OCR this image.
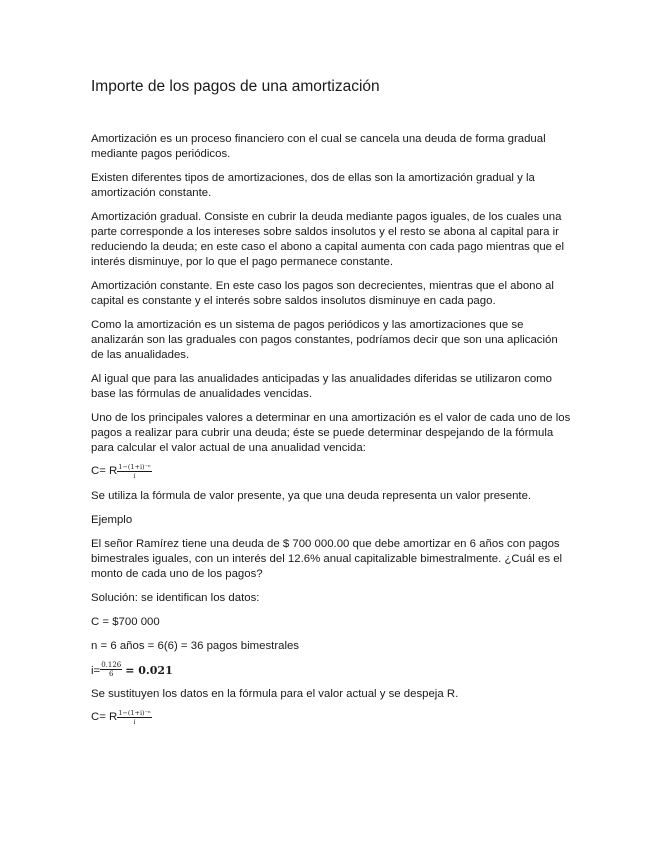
Importe de los pagos de una amortización

Amortización es un proceso financiero con el cual se cancela una deuda de forma gradual mediante pagos periódicos.

Existen diferentes tipos de amortizaciones, dos de ellas son la amortización gradual y la amortización constante.

Amortización gradual. Consiste en cubrir la deuda mediante pagos iguales, de los cuales una parte corresponde a los intereses sobre saldos insolutos y el resto se abona al capital para ir reduciendo la deuda; en este caso el abono a capital aumenta con cada pago mientras que el interés disminuye, por lo que el pago permanece constante.

Amortización constante. En este caso los pagos son decrecientes, mientras que el abono al capital es constante y el interés sobre saldos insolutos disminuye en cada pago.

Como la amortización es un sistema de pagos periódicos y las amortizaciones que se analizarán son las graduales con pagos constantes, podríamos decir que son una aplicación de las anualidades.

Al igual que para las anualidades anticipadas y las anualidades diferidas se utilizaron como base las fórmulas de anualidades vencidas.

Uno de los principales valores a determinar en una amortización es el valor de cada uno de los pagos a realizar para cubrir una deuda; éste se puede determinar despejando de la fórmula para calcular el valor actual de una anualidad vencida:

C= R $\frac{\text{1−(1+i)⁻ⁿ}}{i}$

Se utiliza la fórmula de valor presente, ya que una deuda representa un valor presente.

Ejemplo

El señor Ramírez tiene una deuda de $ 700 000.00 que debe amortizar en 6 años con pagos bimestrales iguales, con un interés del 12.6% anual capitalizable bimestralmente. ¿Cuál es el monto de cada uno de los pagos?

Solución: se identifican los datos:

C = $700 000

n = 6 años = 6(6) = 36 pagos bimestrales

$i= \frac{0.126}{6} = 0.021$

Se sustituyen los datos en la fórmula para el valor actual y se despeja R.

C= R $\frac{\text{1−(1+i)⁻ⁿ}}{i}$
